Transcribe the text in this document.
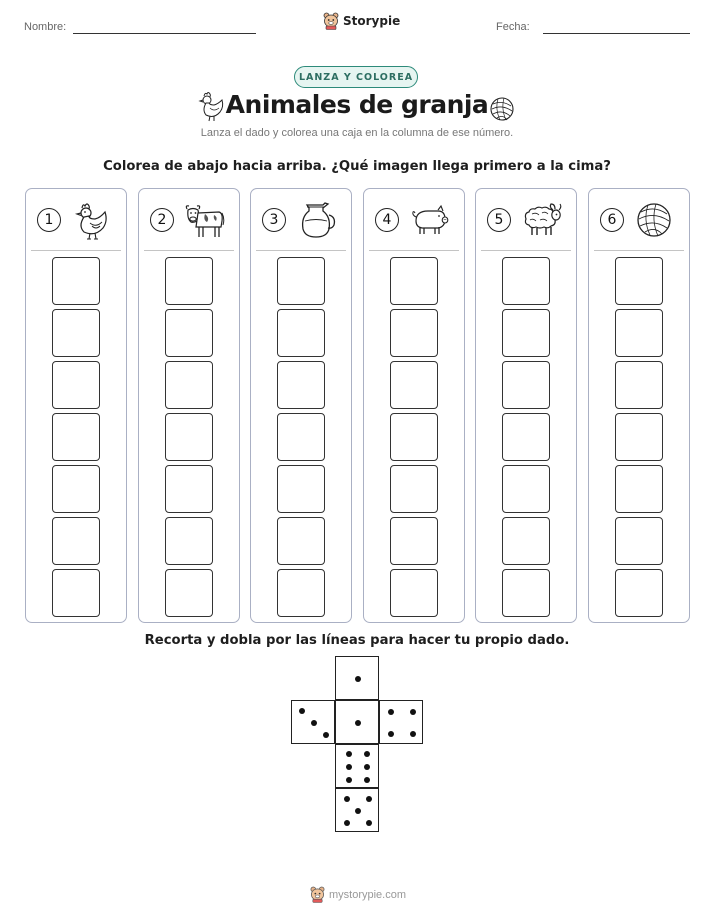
Nombre:	Storypie	Fecha:
LANZA Y COLOREA
Animales de granja
Lanza el dado y colorea una caja en la columna de ese número.
Colorea de abajo hacia arriba. ¿Qué imagen llega primero a la cima?
1	2	3	4	5	6
Recorta y dobla por las líneas para hacer tu propio dado.
mystorypie.com
